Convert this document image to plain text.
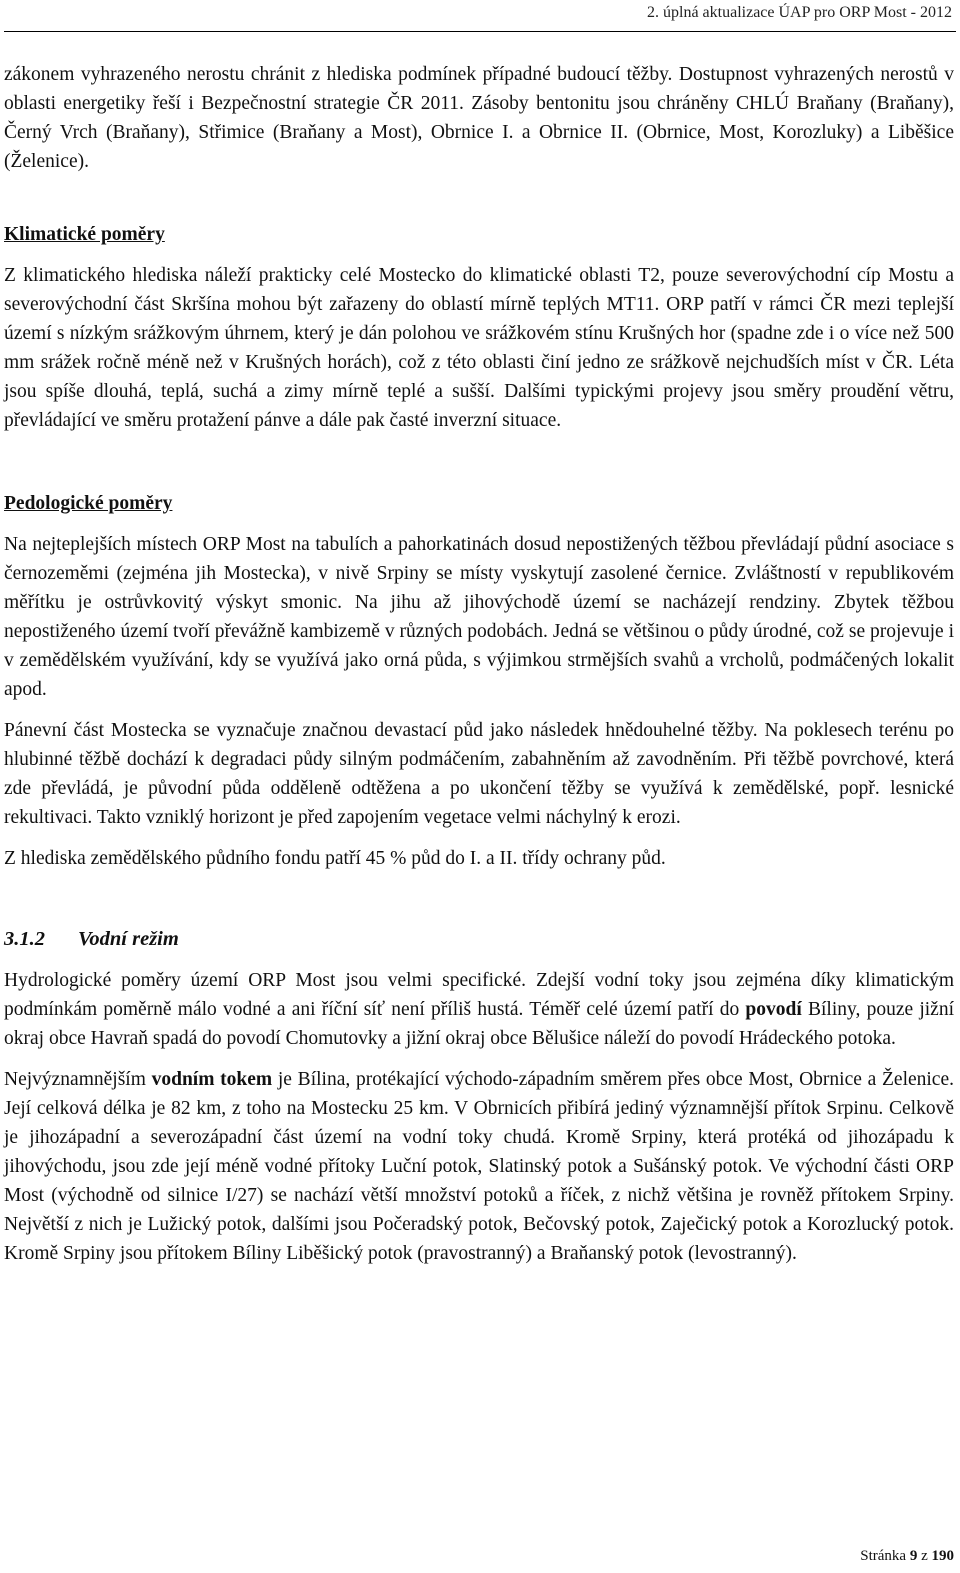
2. úplná aktualizace ÚAP pro ORP Most - 2012

zákonem vyhrazeného nerostu chránit z hlediska podmínek případné budoucí těžby. Dostupnost vyhrazených nerostů v oblasti energetiky řeší i Bezpečnostní strategie ČR 2011. Zásoby bentonitu jsou chráněny CHLÚ Braňany (Braňany), Černý Vrch (Braňany), Střimice (Braňany a Most), Obrnice I. a Obrnice II. (Obrnice, Most, Korozluky) a Liběšice (Želenice).

Klimatické poměry

Z klimatického hlediska náleží prakticky celé Mostecko do klimatické oblasti T2, pouze severovýchodní cíp Mostu a severovýchodní část Skršína mohou být zařazeny do oblastí mírně teplých MT11. ORP patří v rámci ČR mezi teplejší území s nízkým srážkovým úhrnem, který je dán polohou ve srážkovém stínu Krušných hor (spadne zde i o více než 500 mm srážek ročně méně než v Krušných horách), což z této oblasti činí jedno ze srážkově nejchudších míst v ČR. Léta jsou spíše dlouhá, teplá, suchá a zimy mírně teplé a sušší. Dalšími typickými projevy jsou směry proudění větru, převládající ve směru protažení pánve a dále pak časté inverzní situace.

Pedologické poměry

Na nejteplejších místech ORP Most na tabulích a pahorkatinách dosud nepostižených těžbou převládají půdní asociace s černozeměmi (zejména jih Mostecka), v nivě Srpiny se místy vyskytují zasolené černice. Zvláštností v republikovém měřítku je ostrůvkovitý výskyt smonic. Na jihu až jihovýchodě území se nacházejí rendziny. Zbytek těžbou nepostiženého území tvoří převážně kambizemě v různých podobách. Jedná se většinou o půdy úrodné, což se projevuje i v zemědělském využívání, kdy se využívá jako orná půda, s výjimkou strmějších svahů a vrcholů, podmáčených lokalit apod.

Pánevní část Mostecka se vyznačuje značnou devastací půd jako následek hnědouhelné těžby. Na poklesech terénu po hlubinné těžbě dochází k degradaci půdy silným podmáčením, zabahněním až zavodněním. Při těžbě povrchové, která zde převládá, je původní půda odděleně odtěžena a po ukončení těžby se využívá k zemědělské, popř. lesnické rekultivaci. Takto vzniklý horizont je před zapojením vegetace velmi náchylný k erozi.

Z hlediska zemědělského půdního fondu patří 45 % půd do I. a II. třídy ochrany půd.

3.1.2 Vodní režim

Hydrologické poměry území ORP Most jsou velmi specifické. Zdejší vodní toky jsou zejména díky klimatickým podmínkám poměrně málo vodné a ani říční síť není příliš hustá. Téměř celé území patří do povodí Bíliny, pouze jižní okraj obce Havraň spadá do povodí Chomutovky a jižní okraj obce Bělušice náleží do povodí Hrádeckého potoka.

Nejvýznamnějším vodním tokem je Bílina, protékající východo-západním směrem přes obce Most, Obrnice a Želenice. Její celková délka je 82 km, z toho na Mostecku 25 km. V Obrnicích přibírá jediný významnější přítok Srpinu. Celkově je jihozápadní a severozápadní část území na vodní toky chudá. Kromě Srpiny, která protéká od jihozápadu k jihovýchodu, jsou zde její méně vodné přítoky Luční potok, Slatinský potok a Sušánský potok. Ve východní části ORP Most (východně od silnice I/27) se nachází větší množství potoků a říček, z nichž většina je rovněž přítokem Srpiny. Největší z nich je Lužický potok, dalšími jsou Počeradský potok, Bečovský potok, Zaječický potok a Korozlucký potok. Kromě Srpiny jsou přítokem Bíliny Liběšický potok (pravostranný) a Braňanský potok (levostranný).

Stránka 9 z 190
